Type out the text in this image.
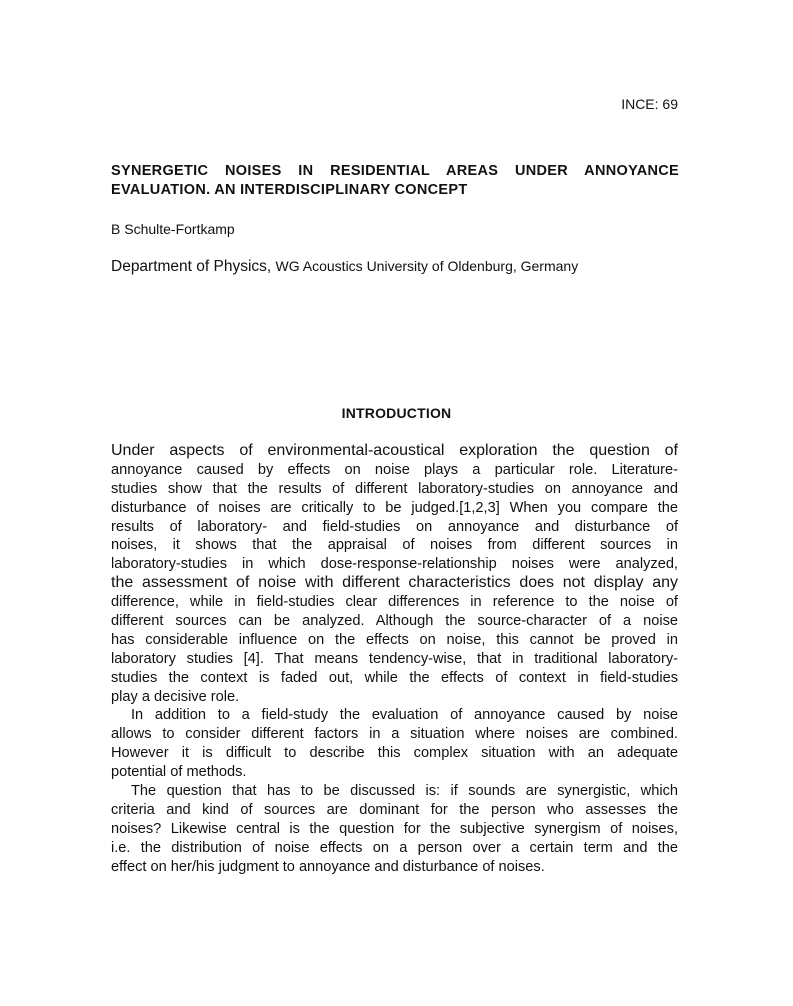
INCE: 69
SYNERGETIC NOISES IN RESIDENTIAL AREAS UNDER ANNOYANCE
EVALUATION. AN INTERDISCIPLINARY CONCEPT
B Schulte-Fortkamp
Department of Physics, WG Acoustics University of Oldenburg, Germany
INTRODUCTION
Under aspects of environmental-acoustical exploration the question of
annoyance caused by effects on noise plays a particular role. Literature-
studies show that the results of different laboratory-studies on annoyance and
disturbance of noises are critically to be judged.[1,2,3] When you compare the
results of laboratory- and field-studies on annoyance and disturbance of
noises, it shows that the appraisal of noises from different sources in
laboratory-studies in which dose-response-relationship noises were analyzed,
the assessment of noise with different characteristics does not display any
difference, while in field-studies clear differences in reference to the noise of
different sources can be analyzed. Although the source-character of a noise
has considerable influence on the effects on noise, this cannot be proved in
laboratory studies [4]. That means tendency-wise, that in traditional laboratory-
studies the context is faded out, while the effects of context in field-studies
play a decisive role.
In addition to a field-study the evaluation of annoyance caused by noise
allows to consider different factors in a situation where noises are combined.
However it is difficult to describe this complex situation with an adequate
potential of methods.
The question that has to be discussed is: if sounds are synergistic, which
criteria and kind of sources are dominant for the person who assesses the
noises? Likewise central is the question for the subjective synergism of noises,
i.e. the distribution of noise effects on a person over a certain term and the
effect on her/his judgment to annoyance and disturbance of noises.
